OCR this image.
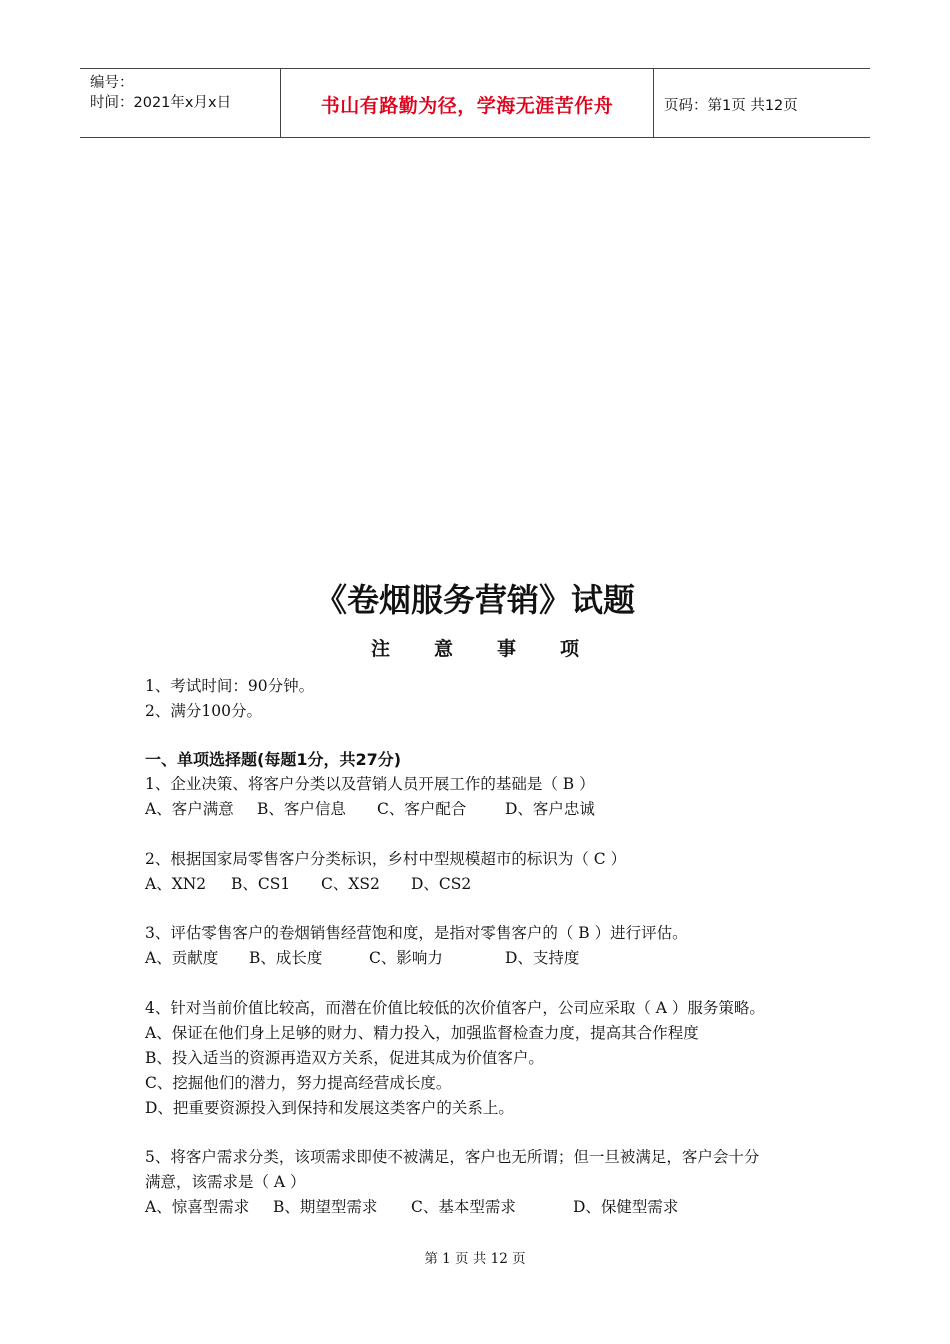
编号：
时间：2021年x月x日	书山有路勤为径，学海无涯苦作舟	页码：第1页 共12页
《卷烟服务营销》试题
注 意 事 项
1、考试时间：90分钟。
2、满分100分。
一、单项选择题(每题1分，共27分)
1、企业决策、将客户分类以及营销人员开展工作的基础是（ B ）
A、客户满意 B、客户信息 C、客户配合 D、客户忠诚
2、根据国家局零售客户分类标识，乡村中型规模超市的标识为（ C ）
A、XN2 B、CS1 C、XS2 D、CS2
3、评估零售客户的卷烟销售经营饱和度，是指对零售客户的（ B ）进行评估。
A、贡献度 B、成长度	C、影响力	D、支持度
4、针对当前价值比较高，而潜在价值比较低的次价值客户，公司应采取（ A ）服务策略。
A、保证在他们身上足够的财力、精力投入，加强监督检查力度，提高其合作程度
B、投入适当的资源再造双方关系，促进其成为价值客户。
C、挖掘他们的潜力，努力提高经营成长度。
D、把重要资源投入到保持和发展这类客户的关系上。
5、将客户需求分类，该项需求即使不被满足，客户也无所谓；但一旦被满足，客户会十分
满意，该需求是（ A ）
A、惊喜型需求 B、期望型需求 C、基本型需求	D、保健型需求
第 1 页 共 12 页
